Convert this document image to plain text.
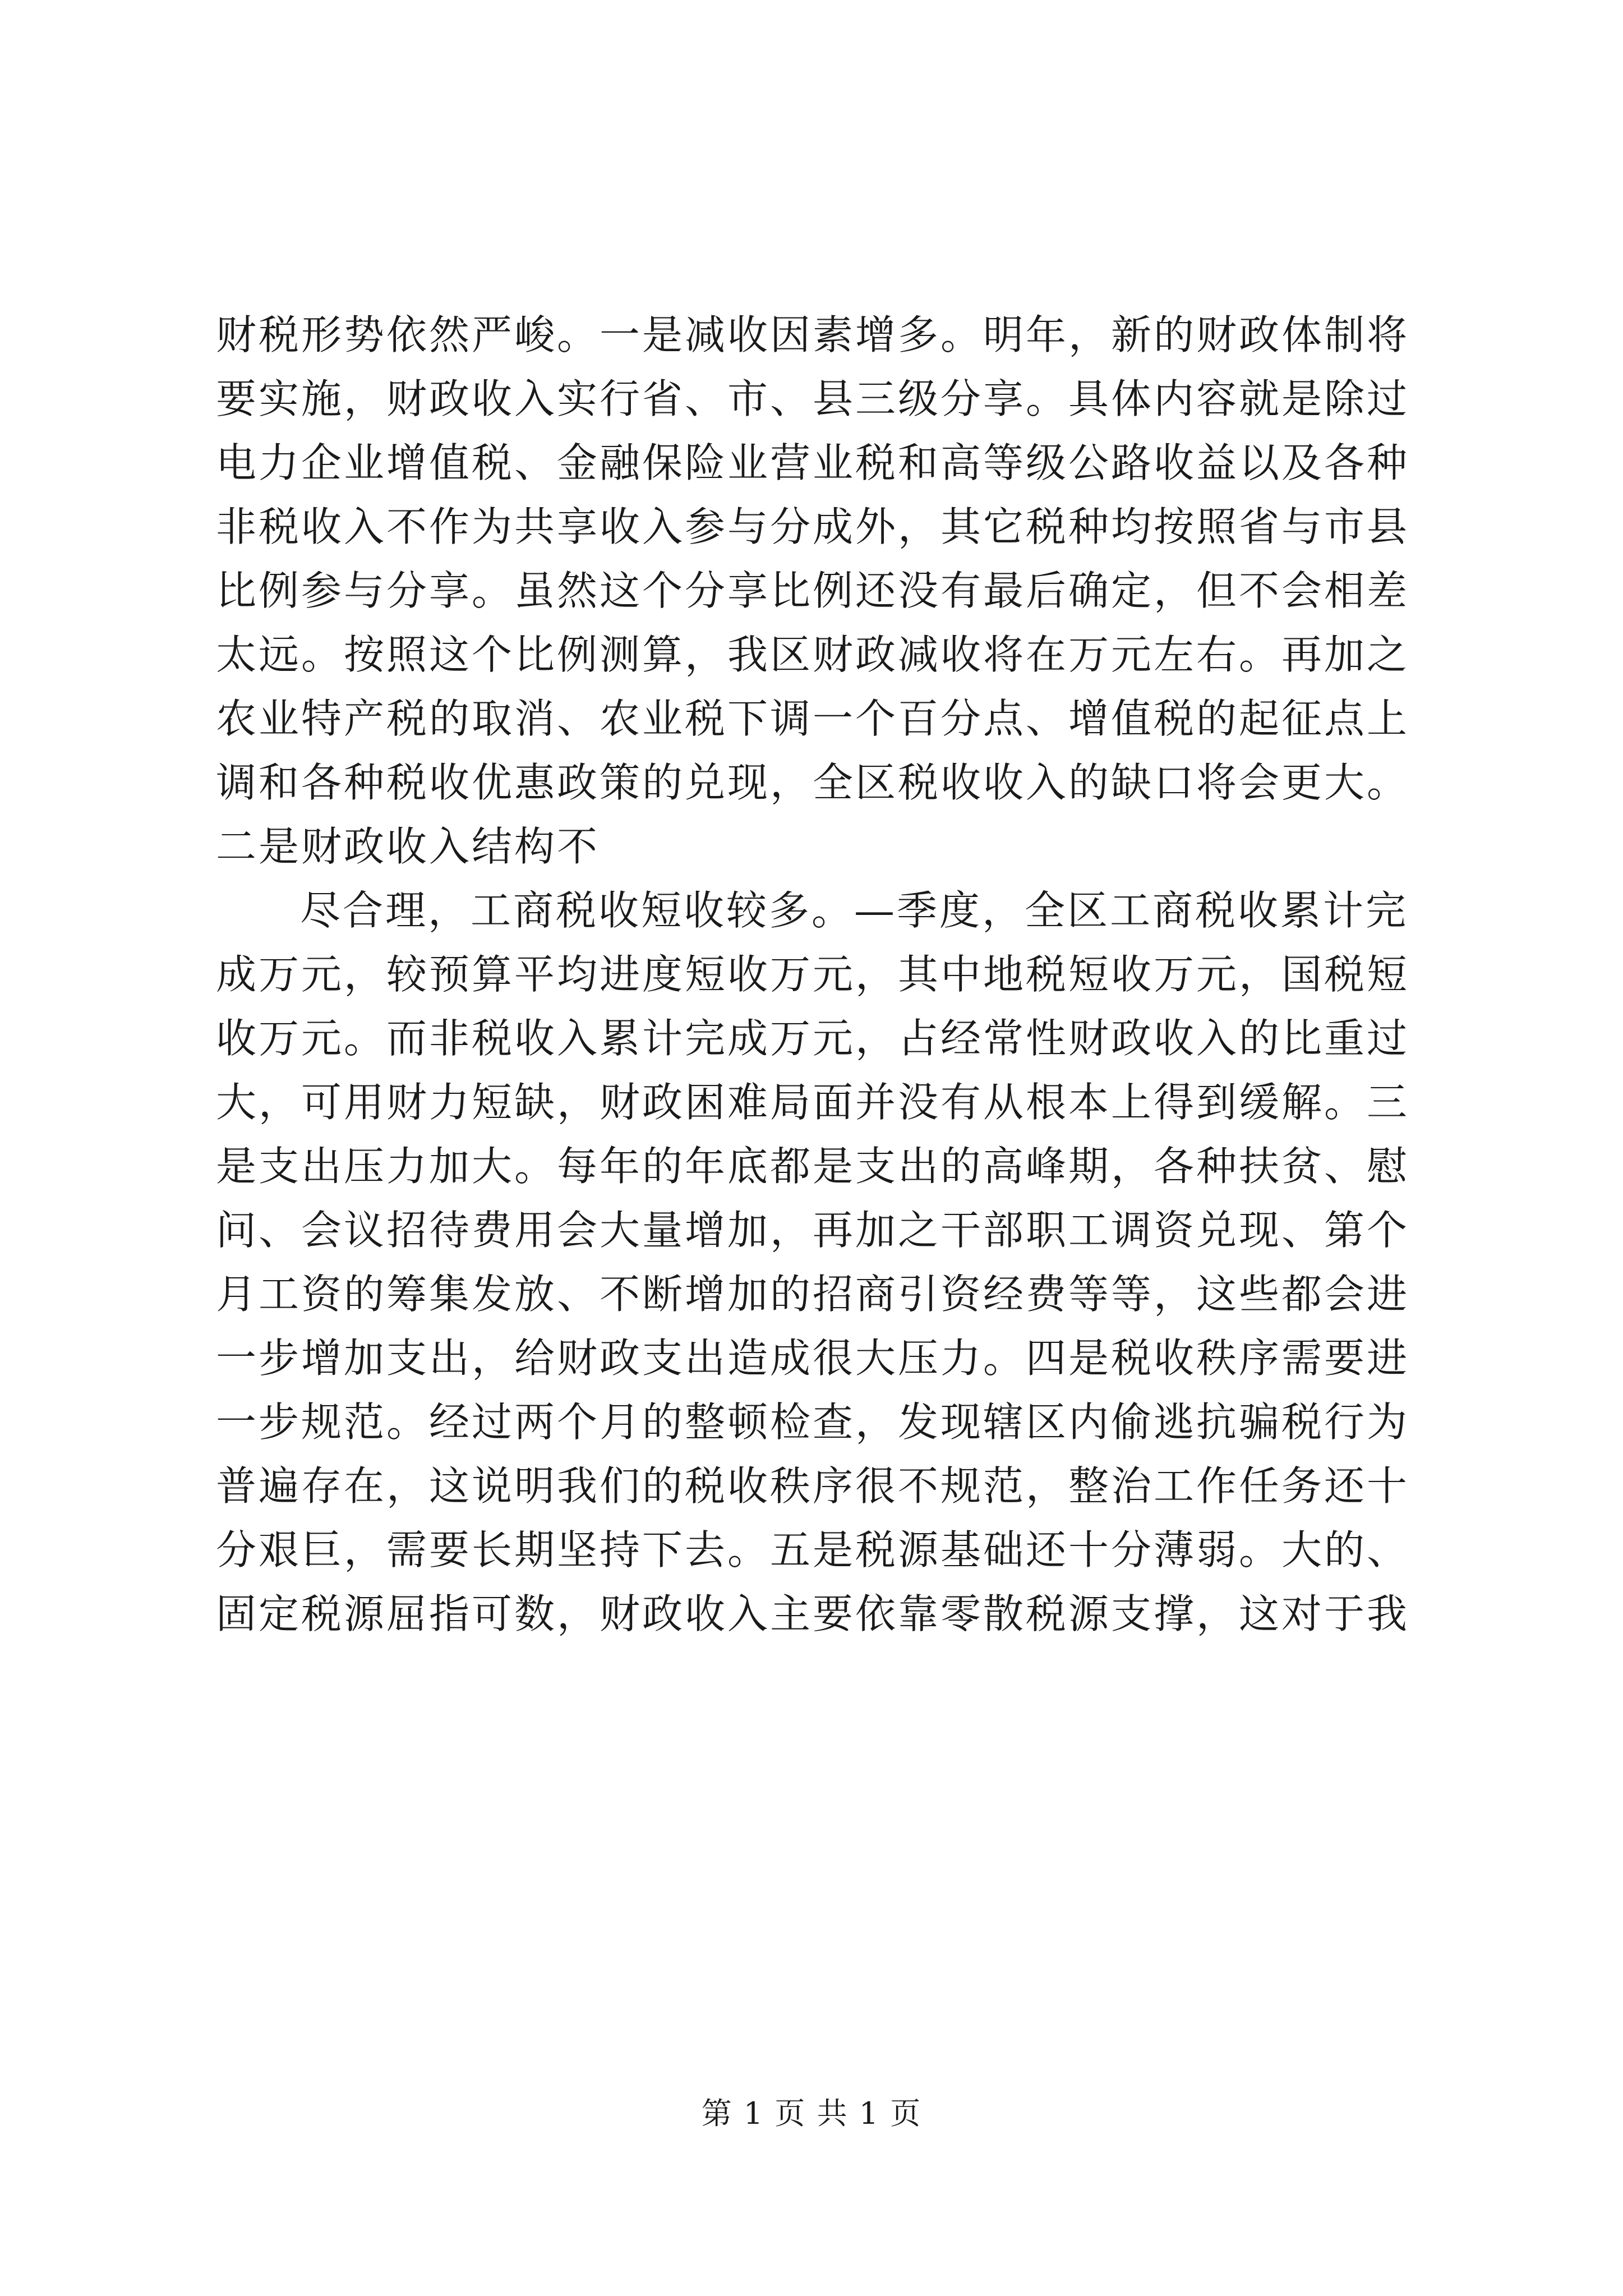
财税形势依然严峻。一是减收因素增多。明年，新的财政体制将
要实施，财政收入实行省、市、县三级分享。具体内容就是除过
电力企业增值税、金融保险业营业税和高等级公路收益以及各种
非税收入不作为共享收入参与分成外，其它税种均按照省与市县
比例参与分享。虽然这个分享比例还没有最后确定，但不会相差
太远。按照这个比例测算，我区财政减收将在万元左右。再加之
农业特产税的取消、农业税下调一个百分点、增值税的起征点上
调和各种税收优惠政策的兑现，全区税收收入的缺口将会更大。
二是财政收入结构不
尽合理，工商税收短收较多。—季度，全区工商税收累计完
成万元，较预算平均进度短收万元，其中地税短收万元，国税短
收万元。而非税收入累计完成万元，占经常性财政收入的比重过
大，可用财力短缺，财政困难局面并没有从根本上得到缓解。三
是支出压力加大。每年的年底都是支出的高峰期，各种扶贫、慰
问、会议招待费用会大量增加，再加之干部职工调资兑现、第个
月工资的筹集发放、不断增加的招商引资经费等等，这些都会进
一步增加支出，给财政支出造成很大压力。四是税收秩序需要进
一步规范。经过两个月的整顿检查，发现辖区内偷逃抗骗税行为
普遍存在，这说明我们的税收秩序很不规范，整治工作任务还十
分艰巨，需要长期坚持下去。五是税源基础还十分薄弱。大的、
固定税源屈指可数，财政收入主要依靠零散税源支撑，这对于我
第 1 页 共 1 页
